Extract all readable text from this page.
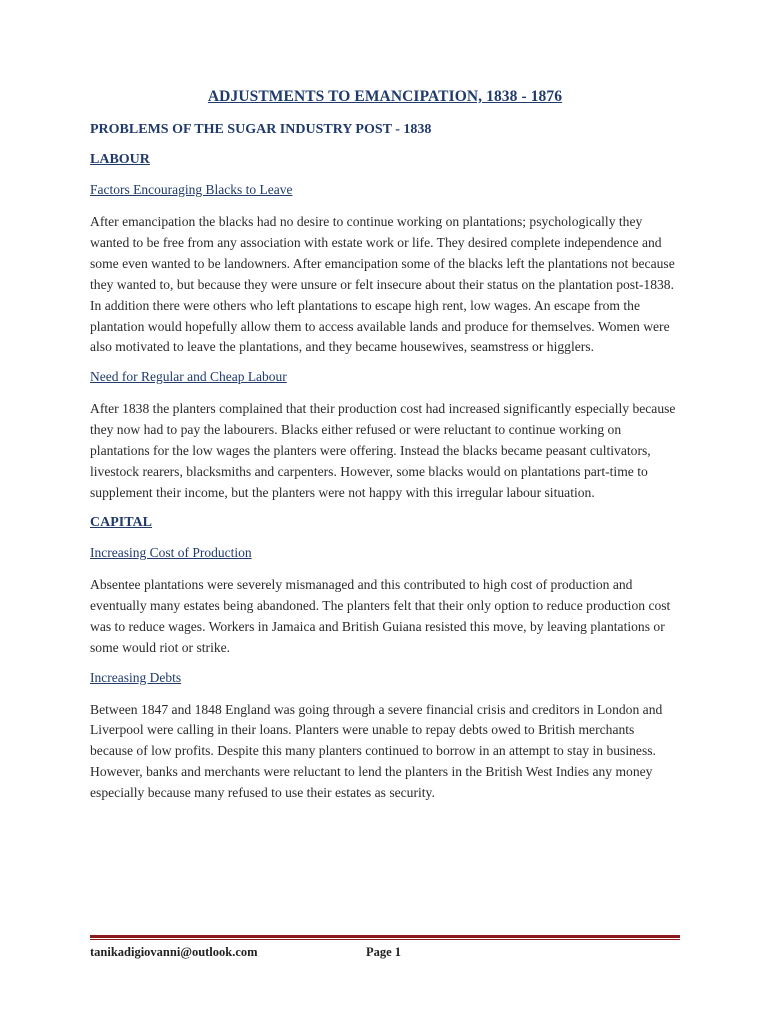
ADJUSTMENTS TO EMANCIPATION, 1838 - 1876
PROBLEMS OF THE SUGAR INDUSTRY POST - 1838
LABOUR
Factors Encouraging Blacks to Leave

After emancipation the blacks had no desire to continue working on plantations; psychologically they wanted to be free from any association with estate work or life. They desired complete independence and some even wanted to be landowners. After emancipation some of the blacks left the plantations not because they wanted to, but because they were unsure or felt insecure about their status on the plantation post-1838. In addition there were others who left plantations to escape high rent, low wages. An escape from the plantation would hopefully allow them to access available lands and produce for themselves. Women were also motivated to leave the plantations, and they became housewives, seamstress or higglers.

Need for Regular and Cheap Labour

After 1838 the planters complained that their production cost had increased significantly especially because they now had to pay the labourers. Blacks either refused or were reluctant to continue working on plantations for the low wages the planters were offering. Instead the blacks became peasant cultivators, livestock rearers, blacksmiths and carpenters. However, some blacks would on plantations part-time to supplement their income, but the planters were not happy with this irregular labour situation.

CAPITAL
Increasing Cost of Production

Absentee plantations were severely mismanaged and this contributed to high cost of production and eventually many estates being abandoned. The planters felt that their only option to reduce production cost was to reduce wages. Workers in Jamaica and British Guiana resisted this move, by leaving plantations or some would riot or strike.

Increasing Debts

Between 1847 and 1848 England was going through a severe financial crisis and creditors in London and Liverpool were calling in their loans. Planters were unable to repay debts owed to British merchants because of low profits. Despite this many planters continued to borrow in an attempt to stay in business. However, banks and merchants were reluctant to lend the planters in the British West Indies any money especially because many refused to use their estates as security.

tanikadigiovanni@outlook.com	Page 1
